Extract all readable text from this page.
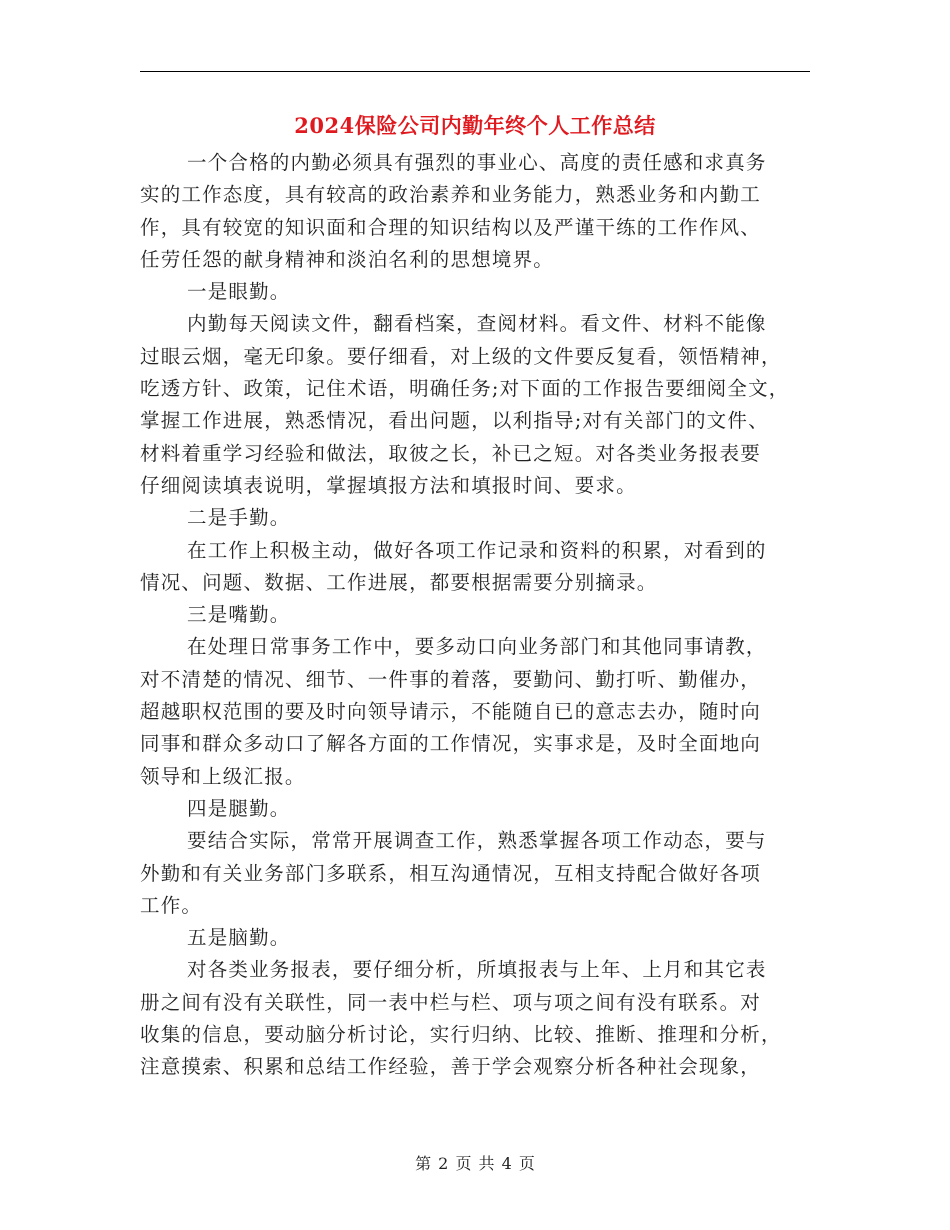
2024保险公司内勤年终个人工作总结
一个合格的内勤必须具有强烈的事业心、高度的责任感和求真务
实的工作态度，具有较高的政治素养和业务能力，熟悉业务和内勤工
作，具有较宽的知识面和合理的知识结构以及严谨干练的工作作风、
任劳任怨的献身精神和淡泊名利的思想境界。
一是眼勤。
内勤每天阅读文件，翻看档案，查阅材料。看文件、材料不能像
过眼云烟，毫无印象。要仔细看，对上级的文件要反复看，领悟精神，
吃透方针、政策，记住术语，明确任务;对下面的工作报告要细阅全文，
掌握工作进展，熟悉情况，看出问题，以利指导;对有关部门的文件、
材料着重学习经验和做法，取彼之长，补已之短。对各类业务报表要
仔细阅读填表说明，掌握填报方法和填报时间、要求。
二是手勤。
在工作上积极主动，做好各项工作记录和资料的积累，对看到的
情况、问题、数据、工作进展，都要根据需要分别摘录。
三是嘴勤。
在处理日常事务工作中，要多动口向业务部门和其他同事请教，
对不清楚的情况、细节、一件事的着落，要勤问、勤打听、勤催办，
超越职权范围的要及时向领导请示，不能随自已的意志去办，随时向
同事和群众多动口了解各方面的工作情况，实事求是，及时全面地向
领导和上级汇报。
四是腿勤。
要结合实际，常常开展调查工作，熟悉掌握各项工作动态，要与
外勤和有关业务部门多联系，相互沟通情况，互相支持配合做好各项
工作。
五是脑勤。
对各类业务报表，要仔细分析，所填报表与上年、上月和其它表
册之间有没有关联性，同一表中栏与栏、项与项之间有没有联系。对
收集的信息，要动脑分析讨论，实行归纳、比较、推断、推理和分析，
注意摸索、积累和总结工作经验，善于学会观察分析各种社会现象，
第 2 页 共 4 页
